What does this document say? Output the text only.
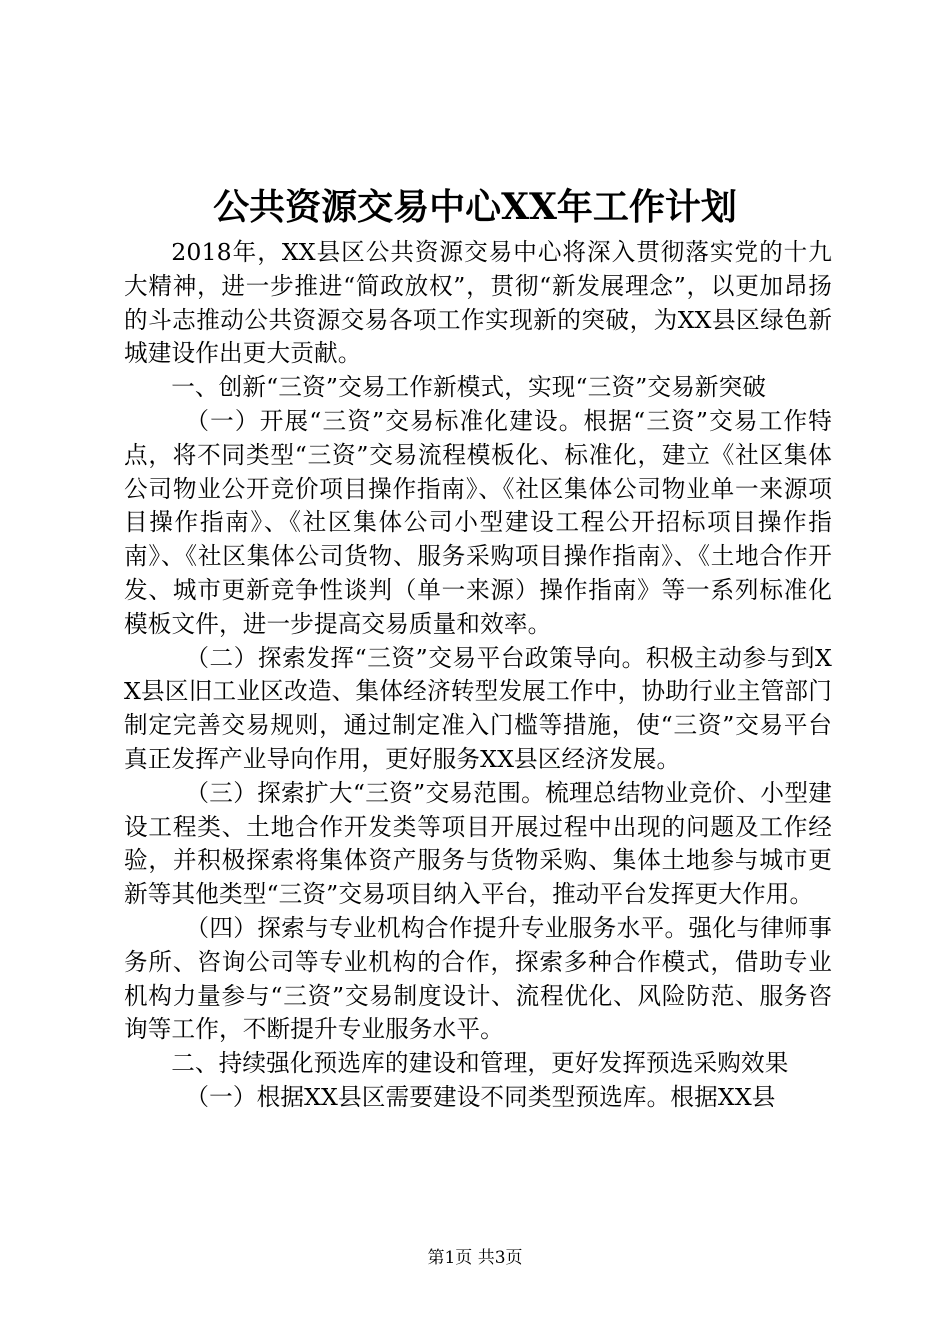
公共资源交易中心XX年工作计划

2018年，XX县区公共资源交易中心将深入贯彻落实党的十九大精神，进一步推进“简政放权”，贯彻“新发展理念”，以更加昂扬的斗志推动公共资源交易各项工作实现新的突破，为XX县区绿色新城建设作出更大贡献。

一、创新“三资”交易工作新模式，实现“三资”交易新突破

（一）开展“三资”交易标准化建设。根据“三资”交易工作特点，将不同类型“三资”交易流程模板化、标准化，建立《社区集体公司物业公开竞价项目操作指南》、《社区集体公司物业单一来源项目操作指南》、《社区集体公司小型建设工程公开招标项目操作指南》、《社区集体公司货物、服务采购项目操作指南》、《土地合作开发、城市更新竞争性谈判（单一来源）操作指南》等一系列标准化模板文件，进一步提高交易质量和效率。

（二）探索发挥“三资”交易平台政策导向。积极主动参与到XX县区旧工业区改造、集体经济转型发展工作中，协助行业主管部门制定完善交易规则，通过制定准入门槛等措施，使“三资”交易平台真正发挥产业导向作用，更好服务XX县区经济发展。

（三）探索扩大“三资”交易范围。梳理总结物业竞价、小型建设工程类、土地合作开发类等项目开展过程中出现的问题及工作经验，并积极探索将集体资产服务与货物采购、集体土地参与城市更新等其他类型“三资”交易项目纳入平台，推动平台发挥更大作用。

（四）探索与专业机构合作提升专业服务水平。强化与律师事务所、咨询公司等专业机构的合作，探索多种合作模式，借助专业机构力量参与“三资”交易制度设计、流程优化、风险防范、服务咨询等工作，不断提升专业服务水平。

二、持续强化预选库的建设和管理，更好发挥预选采购效果

（一）根据XX县区需要建设不同类型预选库。根据XX县

第1页 共3页
